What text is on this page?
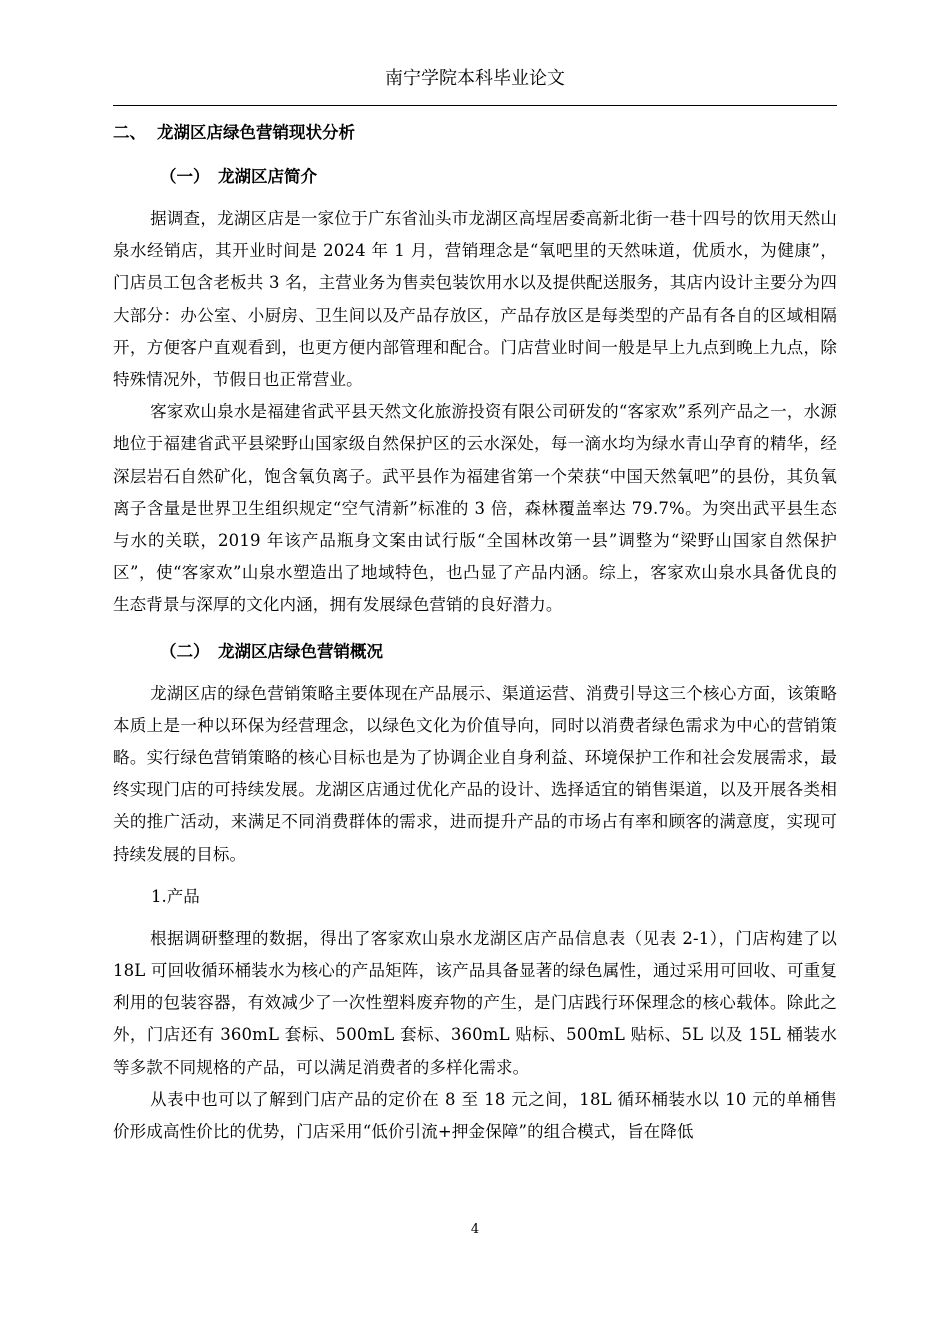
南宁学院本科毕业论文
二、 龙湖区店绿色营销现状分析
（一） 龙湖区店简介

据调查，龙湖区店是一家位于广东省汕头市龙湖区高埕居委高新北街一巷十四号的饮用天然山泉水经销店，其开业时间是 2024 年 1 月，营销理念是“氧吧里的天然味道，优质水，为健康”，门店员工包含老板共 3 名，主营业务为售卖包装饮用水以及提供配送服务，其店内设计主要分为四大部分：办公室、小厨房、卫生间以及产品存放区，产品存放区是每类型的产品有各自的区域相隔开，方便客户直观看到，也更方便内部管理和配合。门店营业时间一般是早上九点到晚上九点，除特殊情况外，节假日也正常营业。

客家欢山泉水是福建省武平县天然文化旅游投资有限公司研发的“客家欢”系列产品之一，水源地位于福建省武平县梁野山国家级自然保护区的云水深处，每一滴水均为绿水青山孕育的精华，经深层岩石自然矿化，饱含氧负离子。武平县作为福建省第一个荣获“中国天然氧吧”的县份，其负氧离子含量是世界卫生组织规定“空气清新”标准的 3 倍，森林覆盖率达 79.7%。为突出武平县生态与水的关联，2019 年该产品瓶身文案由试行版“全国林改第一县”调整为“梁野山国家自然保护区”，使“客家欢”山泉水塑造出了地域特色，也凸显了产品内涵。综上，客家欢山泉水具备优良的生态背景与深厚的文化内涵，拥有发展绿色营销的良好潜力。

（二） 龙湖区店绿色营销概况

龙湖区店的绿色营销策略主要体现在产品展示、渠道运营、消费引导这三个核心方面，该策略本质上是一种以环保为经营理念，以绿色文化为价值导向，同时以消费者绿色需求为中心的营销策略。实行绿色营销策略的核心目标也是为了协调企业自身利益、环境保护工作和社会发展需求，最终实现门店的可持续发展。龙湖区店通过优化产品的设计、选择适宜的销售渠道，以及开展各类相关的推广活动，来满足不同消费群体的需求，进而提升产品的市场占有率和顾客的满意度，实现可持续发展的目标。

1.产品

根据调研整理的数据，得出了客家欢山泉水龙湖区店产品信息表（见表 2-1），门店构建了以 18L 可回收循环桶装水为核心的产品矩阵，该产品具备显著的绿色属性，通过采用可回收、可重复利用的包装容器，有效减少了一次性塑料废弃物的产生，是门店践行环保理念的核心载体。除此之外，门店还有 360mL 套标、500mL 套标、360mL 贴标、500mL 贴标、5L 以及 15L 桶装水等多款不同规格的产品，可以满足消费者的多样化需求。

从表中也可以了解到门店产品的定价在 8 至 18 元之间，18L 循环桶装水以 10 元的单桶售价形成高性价比的优势，门店采用“低价引流+押金保障”的组合模式，旨在降低

4
